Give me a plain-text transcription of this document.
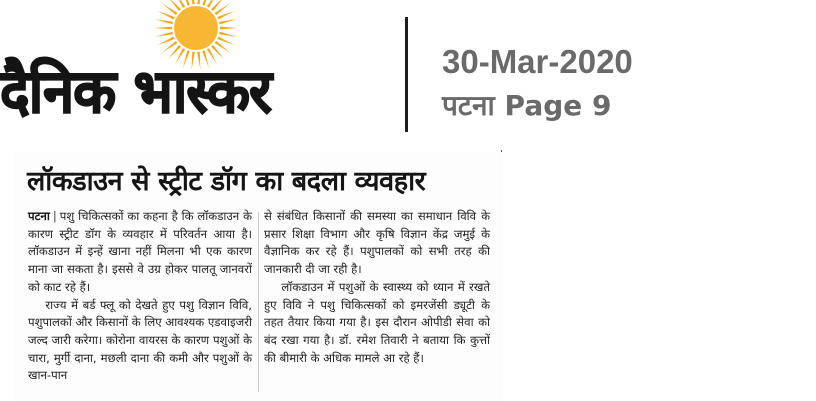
दैनिक भास्कर	30-Mar-2020
पटना Page 9
लॉकडाउन से स्ट्रीट डॉग का बदला व्यवहार

पटना | पशु चिकित्सकों का कहना है कि लॉकडाउन के कारण स्ट्रीट डॉग के व्यवहार में परिवर्तन आया है। लॉकडाउन में इन्हें खाना नहीं मिलना भी एक कारण माना जा सकता है। इससे वे उग्र होकर पालतू जानवरों को काट रहे हैं।

राज्य में बर्ड फ्लू को देखते हुए पशु विज्ञान विवि, पशुपालकों और किसानों के लिए आवश्यक एडवाइजरी जल्द जारी करेगा। कोरोना वायरस के कारण पशुओं के चारा, मुर्गी दाना, मछली दाना की कमी और पशुओं के खान-पान

से संबंधित किसानों की समस्या का समाधान विवि के प्रसार शिक्षा विभाग और कृषि विज्ञान केंद्र जमुई के वैज्ञानिक कर रहे हैं। पशुपालकों को सभी तरह की जानकारी दी जा रही है।

लॉकडाउन में पशुओं के स्वास्थ्य को ध्यान में रखते हुए विवि ने पशु चिकित्सकों को इमरजेंसी ड्यूटी के तहत तैयार किया गया है। इस दौरान ओपीडी सेवा को बंद रखा गया है। डॉ. रमेश तिवारी ने बताया कि कुत्तों की बीमारी के अधिक मामले आ रहे हैं।
